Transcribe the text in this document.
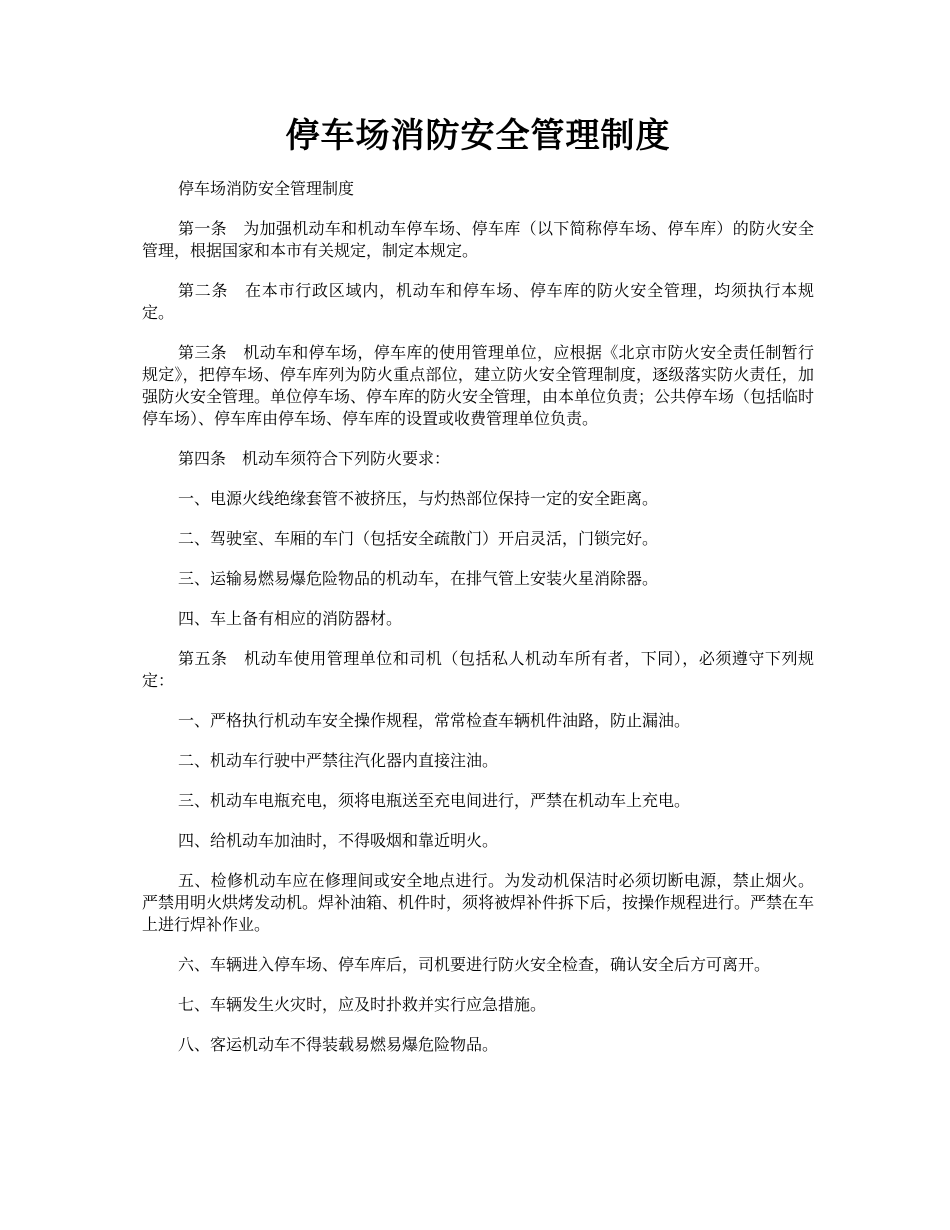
停车场消防安全管理制度

停车场消防安全管理制度

第一条　为加强机动车和机动车停车场、停车库（以下简称停车场、停车库）的防火安全管理，根据国家和本市有关规定，制定本规定。

第二条　在本市行政区域内，机动车和停车场、停车库的防火安全管理，均须执行本规定。

第三条　机动车和停车场，停车库的使用管理单位，应根据《北京市防火安全责任制暂行规定》，把停车场、停车库列为防火重点部位，建立防火安全管理制度，逐级落实防火责任，加强防火安全管理。单位停车场、停车库的防火安全管理，由本单位负责；公共停车场（包括临时停车场）、停车库由停车场、停车库的设置或收费管理单位负责。

第四条　机动车须符合下列防火要求：

一、电源火线绝缘套管不被挤压，与灼热部位保持一定的安全距离。

二、驾驶室、车厢的车门（包括安全疏散门）开启灵活，门锁完好。

三、运输易燃易爆危险物品的机动车，在排气管上安装火星消除器。

四、车上备有相应的消防器材。

第五条　机动车使用管理单位和司机（包括私人机动车所有者，下同），必须遵守下列规定：

一、严格执行机动车安全操作规程，常常检查车辆机件油路，防止漏油。

二、机动车行驶中严禁往汽化器内直接注油。

三、机动车电瓶充电，须将电瓶送至充电间进行，严禁在机动车上充电。

四、给机动车加油时，不得吸烟和靠近明火。

五、检修机动车应在修理间或安全地点进行。为发动机保洁时必须切断电源，禁止烟火。严禁用明火烘烤发动机。焊补油箱、机件时，须将被焊补件拆下后，按操作规程进行。严禁在车上进行焊补作业。

六、车辆进入停车场、停车库后，司机要进行防火安全检查，确认安全后方可离开。

七、车辆发生火灾时，应及时扑救并实行应急措施。

八、客运机动车不得装载易燃易爆危险物品。
